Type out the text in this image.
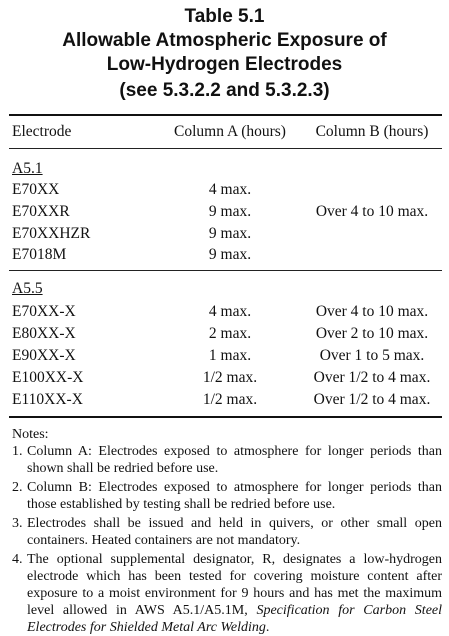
Table 5.1
Allowable Atmospheric Exposure of
Low-Hydrogen Electrodes
(see 5.3.2.2 and 5.3.2.3)
Electrode	Column A (hours)	Column B (hours)
A5.1
E70XX	4 max.
E70XXR	9 max.	Over 4 to 10 max.
E70XXHZR	9 max.
E7018M	9 max.
A5.5
E70XX-X	4 max.	Over 4 to 10 max.
E80XX-X	2 max.	Over 2 to 10 max.
E90XX-X	1 max.	Over 1 to 5 max.
E100XX-X	1/2 max.	Over 1/2 to 4 max.
E110XX-X	1/2 max.	Over 1/2 to 4 max.
Notes:
1. Column A: Electrodes exposed to atmosphere for longer periods than shown shall be redried before use.
2. Column B: Electrodes exposed to atmosphere for longer periods than those established by testing shall be redried before use.
3. Electrodes shall be issued and held in quivers, or other small open containers. Heated containers are not mandatory.
4. The optional supplemental designator, R, designates a low-hydrogen electrode which has been tested for covering moisture content after exposure to a moist environment for 9 hours and has met the maximum level allowed in AWS A5.1/A5.1M, Specification for Carbon Steel Electrodes for Shielded Metal Arc Welding.
